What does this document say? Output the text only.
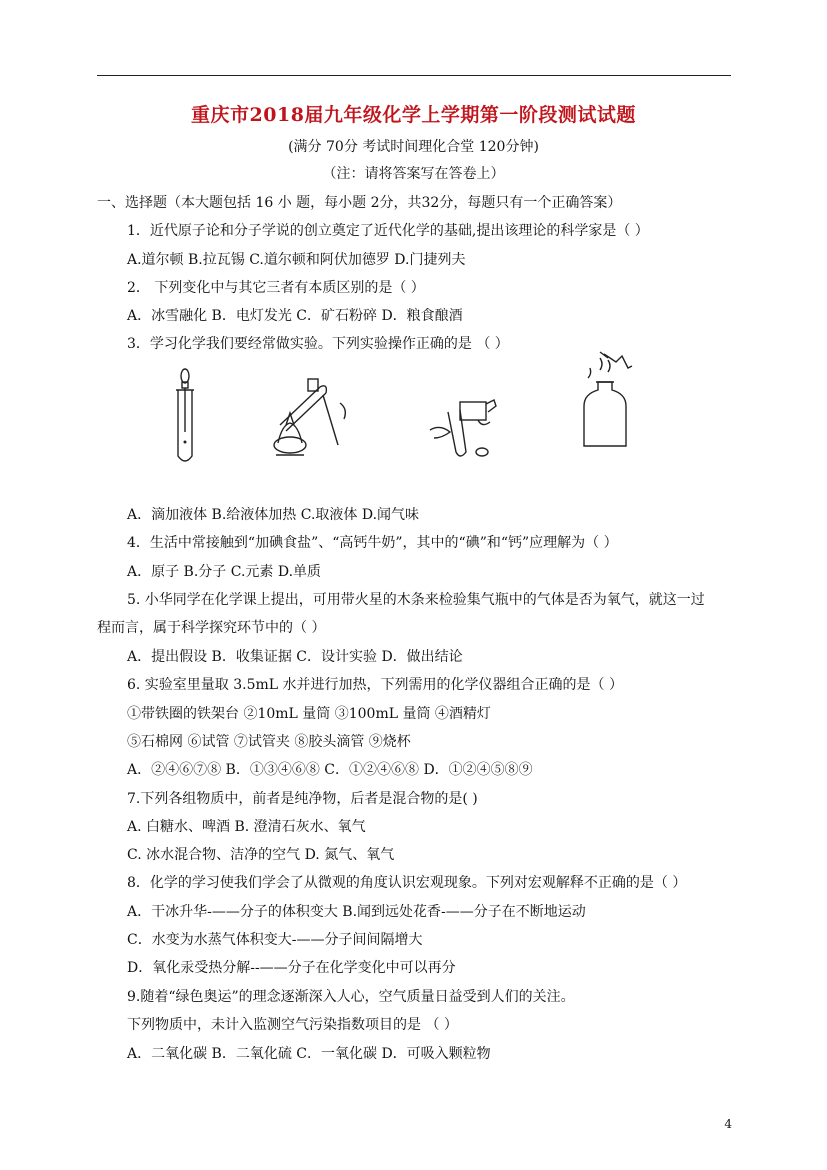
重庆市2018届九年级化学上学期第一阶段测试试题
(满分 70分 考试时间理化合堂 120分钟)
（注：请将答案写在答卷上）
一、选择题（本大题包括 16 小 题，每小题 2分，共32分，每题只有一个正确答案）
1．近代原子论和分子学说的创立奠定了近代化学的基础,提出该理论的科学家是（ ）
A.道尔顿 B.拉瓦锡 C.道尔顿和阿伏加德罗 D.门捷列夫
2． 下列变化中与其它三者有本质区别的是（ ）
A．冰雪融化 B．电灯发光 C．矿石粉碎 D．粮食酿酒
3．学习化学我们要经常做实验。下列实验操作正确的是 （ ）
A．滴加液体 B.给液体加热 C.取液体 D.闻气味
4．生活中常接触到“加碘食盐”、“高钙牛奶”，其中的“碘”和“钙”应理解为（ ）
A．原子 B.分子 C.元素 D.单质
5. 小华同学在化学课上提出，可用带火星的木条来检验集气瓶中的气体是否为氧气，就这一过
程而言，属于科学探究环节中的（ ）
A．提出假设 B．收集证据 C．设计实验 D．做出结论
6. 实验室里量取 3.5mL 水并进行加热，下列需用的化学仪器组合正确的是（ ）
①带铁圈的铁架台 ②10mL 量筒 ③100mL 量筒 ④酒精灯
⑤石棉网 ⑥试管 ⑦试管夹 ⑧胶头滴管 ⑨烧杯
A．②④⑥⑦⑧ B．①③④⑥⑧ C．①②④⑥⑧ D．①②④⑤⑧⑨
7.下列各组物质中，前者是纯净物，后者是混合物的是( )
A. 白糖水、啤酒 B. 澄清石灰水、氧气
C. 冰水混合物、洁净的空气 D. 氮气、氧气
8．化学的学习使我们学会了从微观的角度认识宏观现象。下列对宏观解释不正确的是（ ）
A．干冰升华-——分子的体积变大 B.闻到远处花香-——分子在不断地运动
C．水变为水蒸气体积变大-——分子间间隔增大
D．氧化汞受热分解--——分子在化学变化中可以再分
9.随着“绿色奥运”的理念逐渐深入人心，空气质量日益受到人们的关注。
下列物质中，未计入监测空气污染指数项目的是 （ ）
A．二氧化碳 B．二氧化硫 C．一氧化碳 D．可吸入颗粒物
4
